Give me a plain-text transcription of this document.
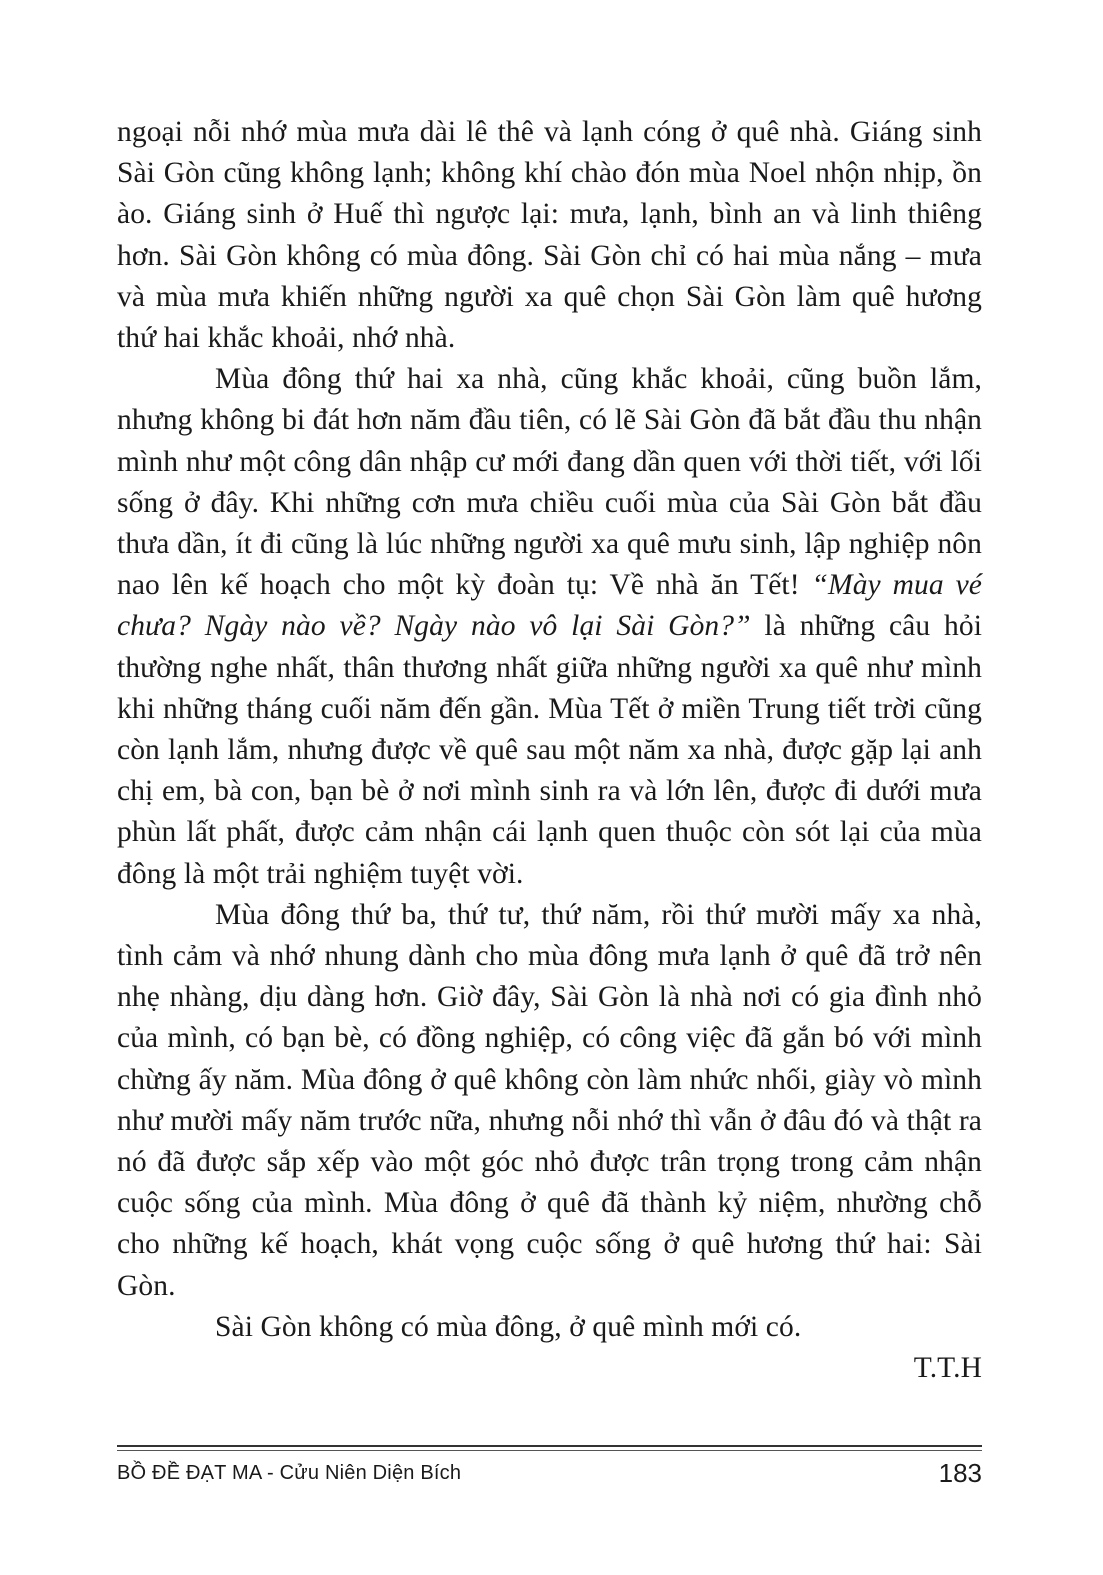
ngoại nỗi nhớ mùa mưa dài lê thê và lạnh cóng ở quê nhà. Giáng sinh Sài Gòn cũng không lạnh; không khí chào đón mùa Noel nhộn nhịp, ồn ào. Giáng sinh ở Huế thì ngược lại: mưa, lạnh, bình an và linh thiêng hơn. Sài Gòn không có mùa đông. Sài Gòn chỉ có hai mùa nắng – mưa và mùa mưa khiến những người xa quê chọn Sài Gòn làm quê hương thứ hai khắc khoải, nhớ nhà.

Mùa đông thứ hai xa nhà, cũng khắc khoải, cũng buồn lắm, nhưng không bi đát hơn năm đầu tiên, có lẽ Sài Gòn đã bắt đầu thu nhận mình như một công dân nhập cư mới đang dần quen với thời tiết, với lối sống ở đây. Khi những cơn mưa chiều cuối mùa của Sài Gòn bắt đầu thưa dần, ít đi cũng là lúc những người xa quê mưu sinh, lập nghiệp nôn nao lên kế hoạch cho một kỳ đoàn tụ: Về nhà ăn Tết! “Mày mua vé chưa? Ngày nào về? Ngày nào vô lại Sài Gòn?” là những câu hỏi thường nghe nhất, thân thương nhất giữa những người xa quê như mình khi những tháng cuối năm đến gần. Mùa Tết ở miền Trung tiết trời cũng còn lạnh lắm, nhưng được về quê sau một năm xa nhà, được gặp lại anh chị em, bà con, bạn bè ở nơi mình sinh ra và lớn lên, được đi dưới mưa phùn lất phất, được cảm nhận cái lạnh quen thuộc còn sót lại của mùa đông là một trải nghiệm tuyệt vời.

Mùa đông thứ ba, thứ tư, thứ năm, rồi thứ mười mấy xa nhà, tình cảm và nhớ nhung dành cho mùa đông mưa lạnh ở quê đã trở nên nhẹ nhàng, dịu dàng hơn. Giờ đây, Sài Gòn là nhà nơi có gia đình nhỏ của mình, có bạn bè, có đồng nghiệp, có công việc đã gắn bó với mình chừng ấy năm. Mùa đông ở quê không còn làm nhức nhối, giày vò mình như mười mấy năm trước nữa, nhưng nỗi nhớ thì vẫn ở đâu đó và thật ra nó đã được sắp xếp vào một góc nhỏ được trân trọng trong cảm nhận cuộc sống của mình. Mùa đông ở quê đã thành kỷ niệm, nhường chỗ cho những kế hoạch, khát vọng cuộc sống ở quê hương thứ hai: Sài Gòn.

Sài Gòn không có mùa đông, ở quê mình mới có.

T.T.H

BỒ ĐỀ ĐẠT MA - Cửu Niên Diện Bích	183
